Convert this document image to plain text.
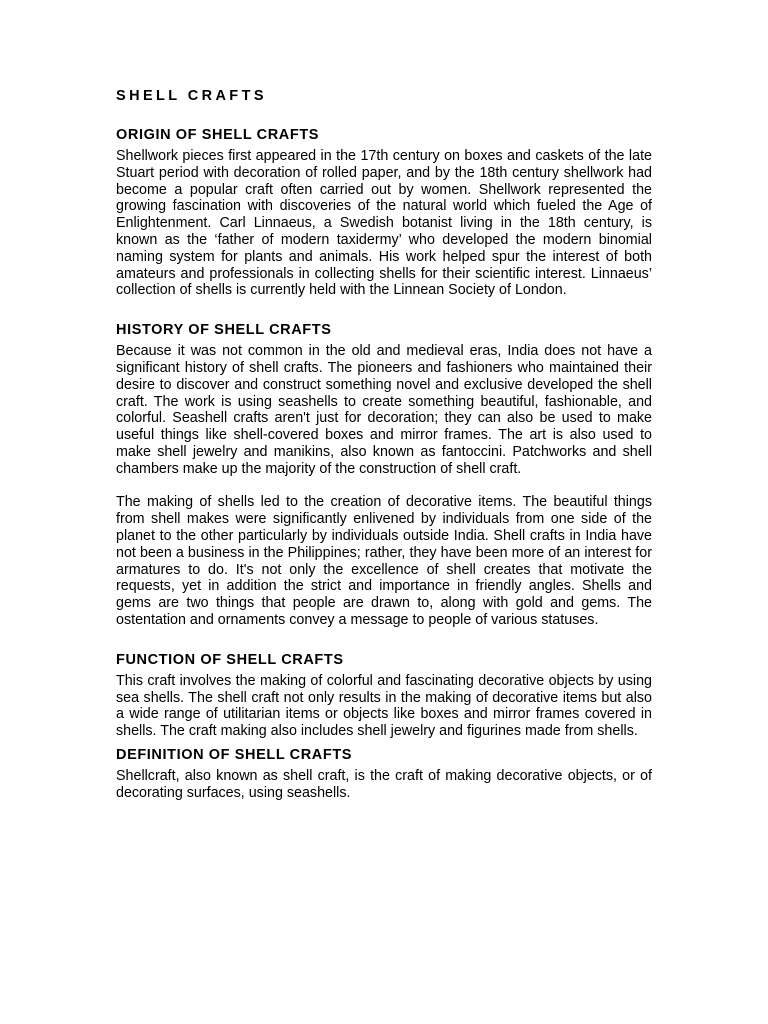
SHELL CRAFTS
ORIGIN OF SHELL CRAFTS

Shellwork pieces first appeared in the 17th century on boxes and caskets of the late Stuart period with decoration of rolled paper, and by the 18th century shellwork had become a popular craft often carried out by women. Shellwork represented the growing fascination with discoveries of the natural world which fueled the Age of Enlightenment. Carl Linnaeus, a Swedish botanist living in the 18th century, is known as the ‘father of modern taxidermy’ who developed the modern binomial naming system for plants and animals. His work helped spur the interest of both amateurs and professionals in collecting shells for their scientific interest. Linnaeus’ collection of shells is currently held with the Linnean Society of London.

HISTORY OF SHELL CRAFTS

Because it was not common in the old and medieval eras, India does not have a significant history of shell crafts. The pioneers and fashioners who maintained their desire to discover and construct something novel and exclusive developed the shell craft. The work is using seashells to create something beautiful, fashionable, and colorful. Seashell crafts aren't just for decoration; they can also be used to make useful things like shell-covered boxes and mirror frames. The art is also used to make shell jewelry and manikins, also known as fantoccini. Patchworks and shell chambers make up the majority of the construction of shell craft.

The making of shells led to the creation of decorative items. The beautiful things from shell makes were significantly enlivened by individuals from one side of the planet to the other particularly by individuals outside India. Shell crafts in India have not been a business in the Philippines; rather, they have been more of an interest for armatures to do. It's not only the excellence of shell creates that motivate the requests, yet in addition the strict and importance in friendly angles. Shells and gems are two things that people are drawn to, along with gold and gems. The ostentation and ornaments convey a message to people of various statuses.

FUNCTION OF SHELL CRAFTS

This craft involves the making of colorful and fascinating decorative objects by using sea shells. The shell craft not only results in the making of decorative items but also a wide range of utilitarian items or objects like boxes and mirror frames covered in shells. The craft making also includes shell jewelry and figurines made from shells.

DEFINITION OF SHELL CRAFTS

Shellcraft, also known as shell craft, is the craft of making decorative objects, or of decorating surfaces, using seashells.
